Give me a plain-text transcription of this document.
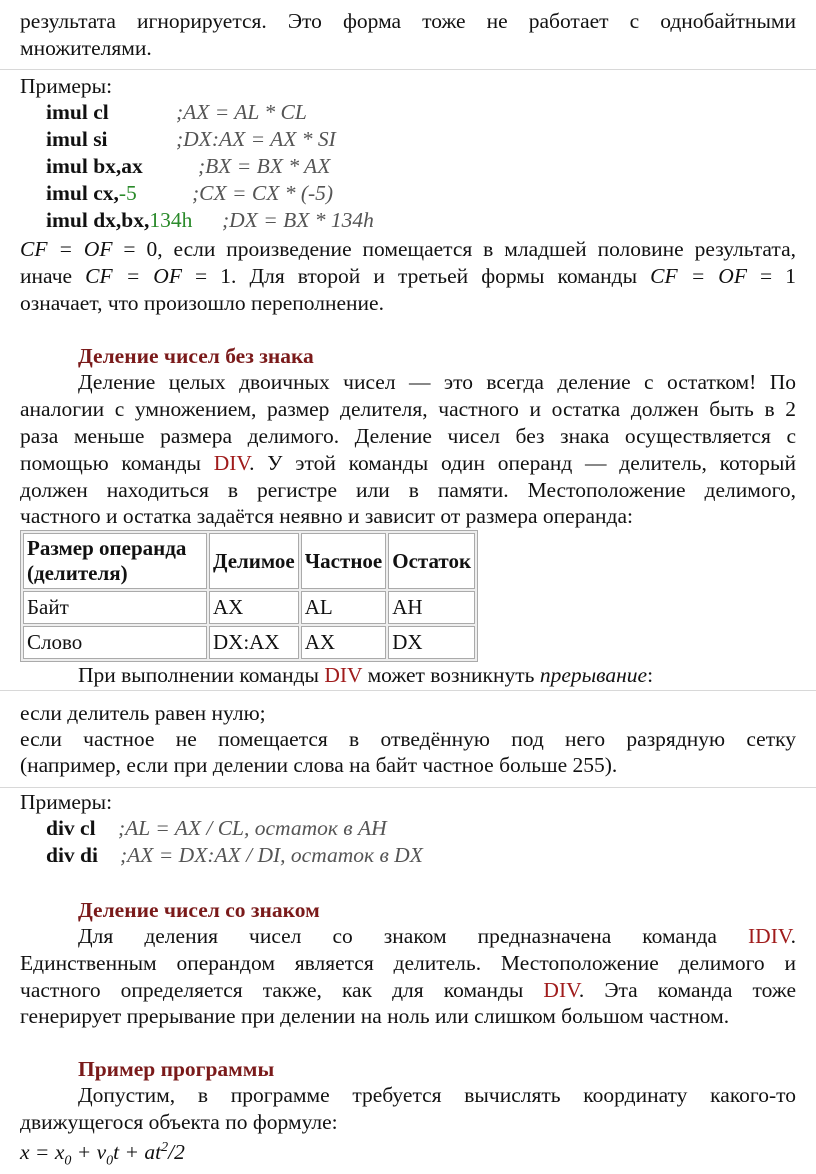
результата игнорируется. Это форма тоже не работает с однобайтными
множителями.
Примеры:
imul cl	;AX = AL * CL
imul si	;DX:AX = AX * SI
imul bx,ax	;BX = BX * AX
imul cx,-5	;CX = CX * (-5)
imul dx,bx,134h ;DX = BX * 134h
CF = OF = 0, если произведение помещается в младшей половине результата,
иначе CF = OF = 1. Для второй и третьей формы команды CF = OF = 1
означает, что произошло переполнение.
Деление чисел без знака
Деление целых двоичных чисел — это всегда деление с остатком! По
аналогии с умножением, размер делителя, частного и остатка должен быть в 2
раза меньше размера делимого. Деление чисел без знака осуществляется с
помощью команды DIV. У этой команды один операнд — делитель, который
должен находиться в регистре или в памяти. Местоположение делимого,
частного и остатка задаётся неявно и зависит от размера операнда:
Размер операнда (делителя)	Делимое	Частное	Остаток
Байт	AX	AL	AH
Слово	DX:AX	AX	DX
При выполнении команды DIV может возникнуть прерывание:
если делитель равен нулю;
если частное не помещается в отведённую под него разрядную сетку
(например, если при делении слова на байт частное больше 255).
Примеры:
div cl ;AL = AX / CL, остаток в AH
div di ;AX = DX:AX / DI, остаток в DX
Деление чисел со знаком
Для деления чисел со знаком предназначена команда IDIV.
Единственным операндом является делитель. Местоположение делимого и
частного определяется также, как для команды DIV. Эта команда тоже
генерирует прерывание при делении на ноль или слишком большом частном.
Пример программы
Допустим, в программе требуется вычислять координату какого-то
движущегося объекта по формуле:
$x = x_0 + v_0t + at^2/2$
